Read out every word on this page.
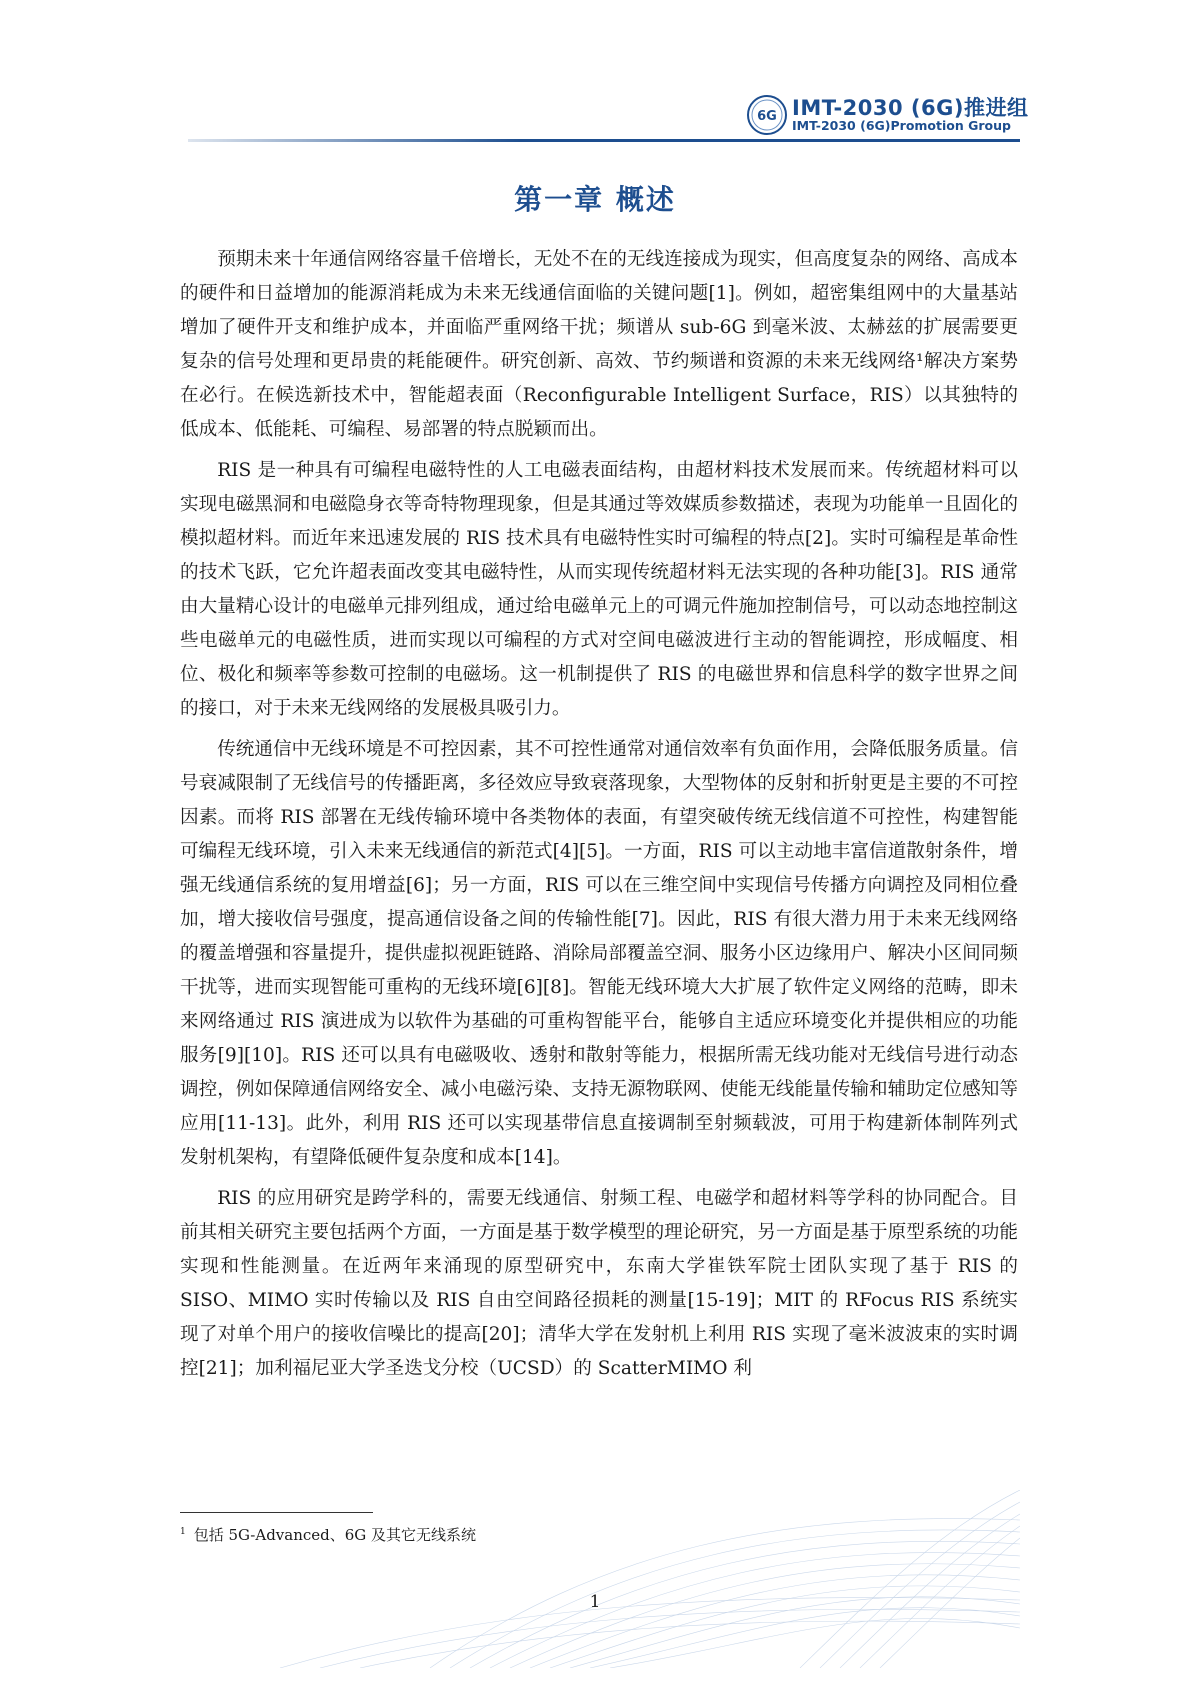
6G IMT-2030 (6G)推进组
IMT-2030 (6G)Promotion Group
第一章 概述

预期未来十年通信网络容量千倍增长，无处不在的无线连接成为现实，但高度复杂的网络、高成本的硬件和日益增加的能源消耗成为未来无线通信面临的关键问题[1]。例如，超密集组网中的大量基站增加了硬件开支和维护成本，并面临严重网络干扰；频谱从 sub-6G 到毫米波、太赫兹的扩展需要更复杂的信号处理和更昂贵的耗能硬件。研究创新、高效、节约频谱和资源的未来无线网络¹解决方案势在必行。在候选新技术中，智能超表面（Reconfigurable Intelligent Surface，RIS）以其独特的低成本、低能耗、可编程、易部署的特点脱颖而出。

RIS 是一种具有可编程电磁特性的人工电磁表面结构，由超材料技术发展而来。传统超材料可以实现电磁黑洞和电磁隐身衣等奇特物理现象，但是其通过等效媒质参数描述，表现为功能单一且固化的模拟超材料。而近年来迅速发展的 RIS 技术具有电磁特性实时可编程的特点[2]。实时可编程是革命性的技术飞跃，它允许超表面改变其电磁特性，从而实现传统超材料无法实现的各种功能[3]。RIS 通常由大量精心设计的电磁单元排列组成，通过给电磁单元上的可调元件施加控制信号，可以动态地控制这些电磁单元的电磁性质，进而实现以可编程的方式对空间电磁波进行主动的智能调控，形成幅度、相位、极化和频率等参数可控制的电磁场。这一机制提供了 RIS 的电磁世界和信息科学的数字世界之间的接口，对于未来无线网络的发展极具吸引力。

传统通信中无线环境是不可控因素，其不可控性通常对通信效率有负面作用，会降低服务质量。信号衰减限制了无线信号的传播距离，多径效应导致衰落现象，大型物体的反射和折射更是主要的不可控因素。而将 RIS 部署在无线传输环境中各类物体的表面，有望突破传统无线信道不可控性，构建智能可编程无线环境，引入未来无线通信的新范式[4][5]。一方面，RIS 可以主动地丰富信道散射条件，增强无线通信系统的复用增益[6]；另一方面，RIS 可以在三维空间中实现信号传播方向调控及同相位叠加，增大接收信号强度，提高通信设备之间的传输性能[7]。因此，RIS 有很大潜力用于未来无线网络的覆盖增强和容量提升，提供虚拟视距链路、消除局部覆盖空洞、服务小区边缘用户、解决小区间同频干扰等，进而实现智能可重构的无线环境[6][8]。智能无线环境大大扩展了软件定义网络的范畴，即未来网络通过 RIS 演进成为以软件为基础的可重构智能平台，能够自主适应环境变化并提供相应的功能服务[9][10]。RIS 还可以具有电磁吸收、透射和散射等能力，根据所需无线功能对无线信号进行动态调控，例如保障通信网络安全、减小电磁污染、支持无源物联网、使能无线能量传输和辅助定位感知等应用[11-13]。此外，利用 RIS 还可以实现基带信息直接调制至射频载波，可用于构建新体制阵列式发射机架构，有望降低硬件复杂度和成本[14]。

RIS 的应用研究是跨学科的，需要无线通信、射频工程、电磁学和超材料等学科的协同配合。目前其相关研究主要包括两个方面，一方面是基于数学模型的理论研究，另一方面是基于原型系统的功能实现和性能测量。在近两年来涌现的原型研究中，东南大学崔铁军院士团队实现了基于 RIS 的 SISO、MIMO 实时传输以及 RIS 自由空间路径损耗的测量[15-19]；MIT 的 RFocus RIS 系统实现了对单个用户的接收信噪比的提高[20]；清华大学在发射机上利用 RIS 实现了毫米波波束的实时调控[21]；加利福尼亚大学圣迭戈分校（UCSD）的 ScatterMIMO 利

$^1$ 包括 5G-Advanced、6G 及其它无线系统
1
